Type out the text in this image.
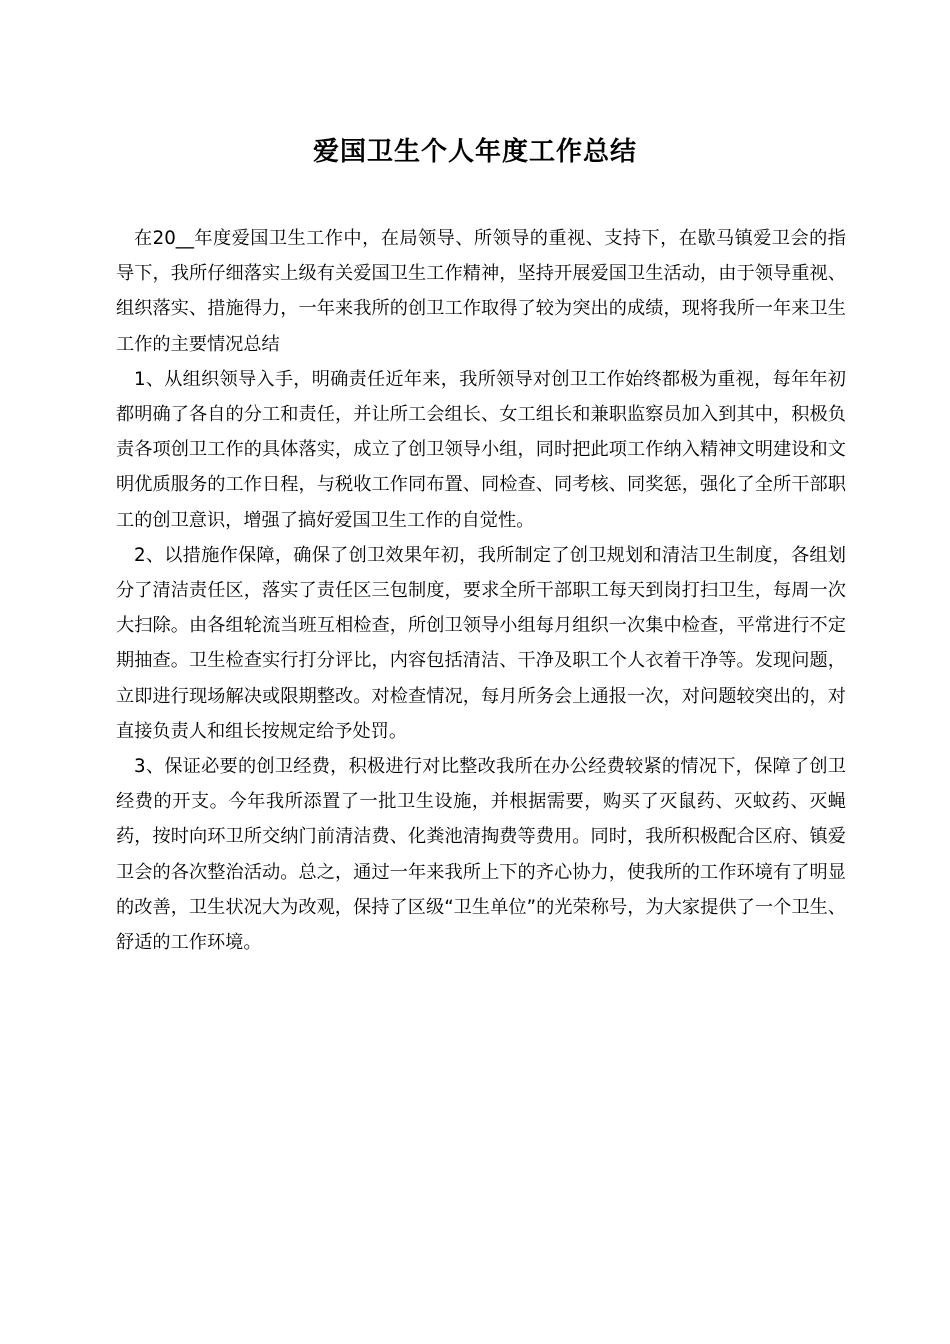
爱国卫生个人年度工作总结

在20__年度爱国卫生工作中，在局领导、所领导的重视、支持下，在歇马镇爱卫会的指导下，我所仔细落实上级有关爱国卫生工作精神，坚持开展爱国卫生活动，由于领导重视、组织落实、措施得力，一年来我所的创卫工作取得了较为突出的成绩，现将我所一年来卫生工作的主要情况总结

1、从组织领导入手，明确责任近年来，我所领导对创卫工作始终都极为重视，每年年初都明确了各自的分工和责任，并让所工会组长、女工组长和兼职监察员加入到其中，积极负责各项创卫工作的具体落实，成立了创卫领导小组，同时把此项工作纳入精神文明建设和文明优质服务的工作日程，与税收工作同布置、同检查、同考核、同奖惩，强化了全所干部职工的创卫意识，增强了搞好爱国卫生工作的自觉性。

2、以措施作保障，确保了创卫效果年初，我所制定了创卫规划和清洁卫生制度，各组划分了清洁责任区，落实了责任区三包制度，要求全所干部职工每天到岗打扫卫生，每周一次大扫除。由各组轮流当班互相检查，所创卫领导小组每月组织一次集中检查，平常进行不定期抽查。卫生检查实行打分评比，内容包括清洁、干净及职工个人衣着干净等。发现问题，立即进行现场解决或限期整改。对检查情况，每月所务会上通报一次，对问题较突出的，对直接负责人和组长按规定给予处罚。

3、保证必要的创卫经费，积极进行对比整改我所在办公经费较紧的情况下，保障了创卫经费的开支。今年我所添置了一批卫生设施，并根据需要，购买了灭鼠药、灭蚊药、灭蝇药，按时向环卫所交纳门前清洁费、化粪池清掏费等费用。同时，我所积极配合区府、镇爱卫会的各次整治活动。总之，通过一年来我所上下的齐心协力，使我所的工作环境有了明显的改善，卫生状况大为改观，保持了区级“卫生单位”的光荣称号，为大家提供了一个卫生、舒适的工作环境。
